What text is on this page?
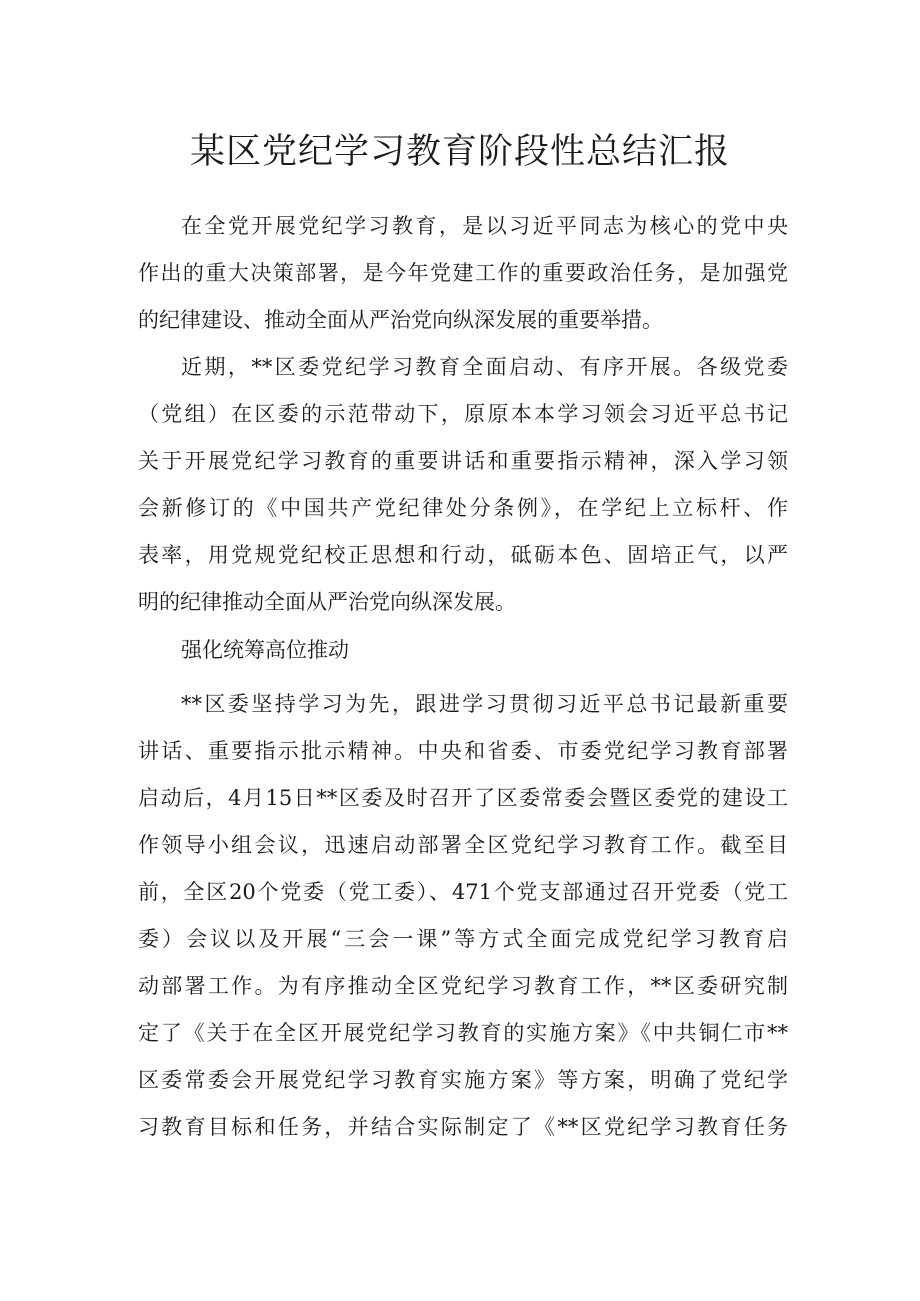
某区党纪学习教育阶段性总结汇报
在全党开展党纪学习教育，是以习近平同志为核心的党中央
作出的重大决策部署，是今年党建工作的重要政治任务，是加强党
的纪律建设、推动全面从严治党向纵深发展的重要举措。
近期，**区委党纪学习教育全面启动、有序开展。各级党委
（党组）在区委的示范带动下，原原本本学习领会习近平总书记
关于开展党纪学习教育的重要讲话和重要指示精神，深入学习领
会新修订的《中国共产党纪律处分条例》，在学纪上立标杆、作
表率，用党规党纪校正思想和行动，砥砺本色、固培正气，以严
明的纪律推动全面从严治党向纵深发展。
强化统筹高位推动
**区委坚持学习为先，跟进学习贯彻习近平总书记最新重要
讲话、重要指示批示精神。中央和省委、市委党纪学习教育部署
启动后，4月15日**区委及时召开了区委常委会暨区委党的建设工
作领导小组会议，迅速启动部署全区党纪学习教育工作。截至目
前，全区20个党委（党工委）、471个党支部通过召开党委（党工
委）会议以及开展“三会一课”等方式全面完成党纪学习教育启
动部署工作。为有序推动全区党纪学习教育工作，**区委研究制
定了《关于在全区开展党纪学习教育的实施方案》《中共铜仁市**
区委常委会开展党纪学习教育实施方案》等方案，明确了党纪学
习教育目标和任务，并结合实际制定了《**区党纪学习教育任务
